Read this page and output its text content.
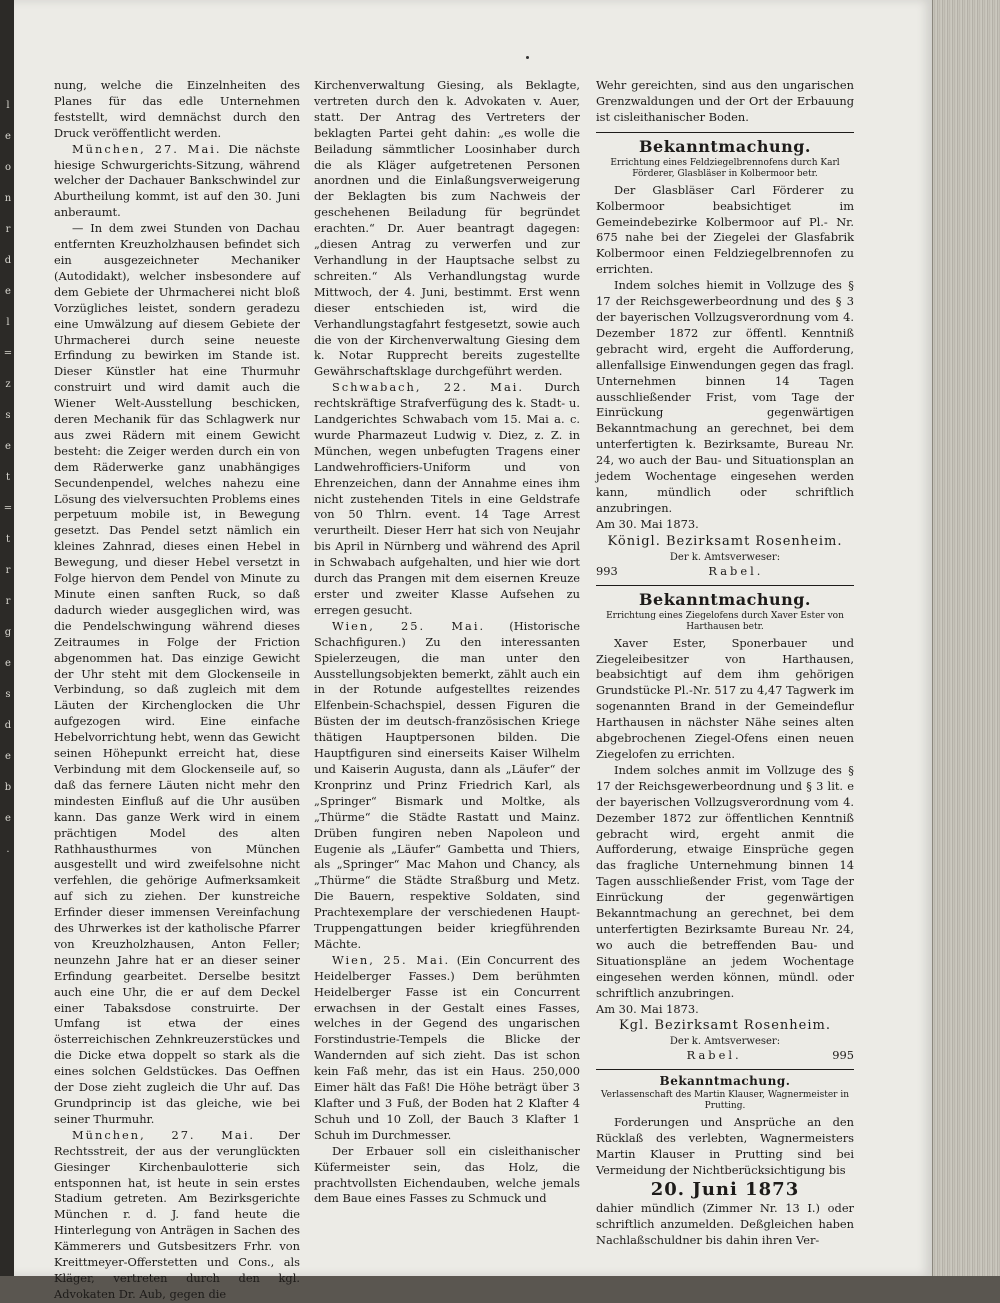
l
e
o
n
r
d
e
l
=
z
s
e
t
=
t
r
r
g
e
s
d
e
b
e
.

nung, welche die Einzelnheiten des Planes für das edle Unternehmen feststellt, wird demnächst durch den Druck veröffentlicht werden.

München, 27. Mai. Die nächste hiesige Schwurgerichts-Sitzung, während welcher der Dachauer Bankschwindel zur Aburtheilung kommt, ist auf den 30. Juni anberaumt.

— In dem zwei Stunden von Dachau entfernten Kreuzholzhausen befindet sich ein ausgezeichneter Mechaniker (Autodidakt), welcher insbesondere auf dem Gebiete der Uhrmacherei nicht bloß Vorzügliches leistet, sondern geradezu eine Umwälzung auf diesem Gebiete der Uhrmacherei durch seine neueste Erfindung zu bewirken im Stande ist. Dieser Künstler hat eine Thurmuhr construirt und wird damit auch die Wiener Welt-Ausstellung beschicken, deren Mechanik für das Schlagwerk nur aus zwei Rädern mit einem Gewicht besteht: die Zeiger werden durch ein von dem Räderwerke ganz unabhängiges Secundenpendel, welches nahezu eine Lösung des vielversuchten Problems eines perpetuum mobile ist, in Bewegung gesetzt. Das Pendel setzt nämlich ein kleines Zahnrad, dieses einen Hebel in Bewegung, und dieser Hebel versetzt in Folge hiervon dem Pendel von Minute zu Minute einen sanften Ruck, so daß dadurch wieder ausgeglichen wird, was die Pendelschwingung während dieses Zeitraumes in Folge der Friction abgenommen hat. Das einzige Gewicht der Uhr steht mit dem Glockenseile in Verbindung, so daß zugleich mit dem Läuten der Kirchenglocken die Uhr aufgezogen wird. Eine einfache Hebelvorrichtung hebt, wenn das Gewicht seinen Höhepunkt erreicht hat, diese Verbindung mit dem Glockenseile auf, so daß das fernere Läuten nicht mehr den mindesten Einfluß auf die Uhr ausüben kann. Das ganze Werk wird in einem prächtigen Model des alten Rathhausthurmes von München ausgestellt und wird zweifelsohne nicht verfehlen, die gehörige Aufmerksamkeit auf sich zu ziehen. Der kunstreiche Erfinder dieser immensen Vereinfachung des Uhrwerkes ist der katholische Pfarrer von Kreuzholzhausen, Anton Feller; neunzehn Jahre hat er an dieser seiner Erfindung gearbeitet. Derselbe besitzt auch eine Uhr, die er auf dem Deckel einer Tabaksdose construirte. Der Umfang ist etwa der eines österreichischen Zehnkreuzerstückes und die Dicke etwa doppelt so stark als die eines solchen Geldstückes. Das Oeffnen der Dose zieht zugleich die Uhr auf. Das Grundprincip ist das gleiche, wie bei seiner Thurmuhr.

München, 27. Mai. Der Rechtsstreit, der aus der verunglückten Giesinger Kirchenbaulotterie sich entsponnen hat, ist heute in sein erstes Stadium getreten. Am Bezirksgerichte München r. d. J. fand heute die Hinterlegung von Anträgen in Sachen des Kämmerers und Gutsbesitzers Frhr. von Kreittmeyer-Offerstetten und Cons., als Kläger, vertreten durch den kgl. Advokaten Dr. Aub, gegen die

Kirchenverwaltung Giesing, als Beklagte, vertreten durch den k. Advokaten v. Auer, statt. Der Antrag des Vertreters der beklagten Partei geht dahin: „es wolle die Beiladung sämmtlicher Loosinhaber durch die als Kläger aufgetretenen Personen anordnen und die Einlaßungsverweigerung der Beklagten bis zum Nachweis der geschehenen Beiladung für begründet erachten.“ Dr. Auer beantragt dagegen: „diesen Antrag zu verwerfen und zur Verhandlung in der Hauptsache selbst zu schreiten.“ Als Verhandlungstag wurde Mittwoch, der 4. Juni, bestimmt. Erst wenn dieser entschieden ist, wird die Verhandlungstagfahrt festgesetzt, sowie auch die von der Kirchenverwaltung Giesing dem k. Notar Rupprecht bereits zugestellte Gewährschaftsklage durchgeführt werden.

Schwabach, 22. Mai. Durch rechtskräftige Strafverfügung des k. Stadt- u. Landgerichtes Schwabach vom 15. Mai a. c. wurde Pharmazeut Ludwig v. Diez, z. Z. in München, wegen unbefugten Tragens einer Landwehrofficiers-Uniform und von Ehrenzeichen, dann der Annahme eines ihm nicht zustehenden Titels in eine Geldstrafe von 50 Thlrn. event. 14 Tage Arrest verurtheilt. Dieser Herr hat sich von Neujahr bis April in Nürnberg und während des April in Schwabach aufgehalten, und hier wie dort durch das Prangen mit dem eisernen Kreuze erster und zweiter Klasse Aufsehen zu erregen gesucht.

Wien, 25. Mai. (Historische Schachfiguren.) Zu den interessanten Spielerzeugen, die man unter den Ausstellungsobjekten bemerkt, zählt auch ein in der Rotunde aufgestelltes reizendes Elfenbein-Schachspiel, dessen Figuren die Büsten der im deutsch-französischen Kriege thätigen Hauptpersonen bilden. Die Hauptfiguren sind einerseits Kaiser Wilhelm und Kaiserin Augusta, dann als „Läufer“ der Kronprinz und Prinz Friedrich Karl, als „Springer“ Bismark und Moltke, als „Thürme“ die Städte Rastatt und Mainz. Drüben fungiren neben Napoleon und Eugenie als „Läufer“ Gambetta und Thiers, als „Springer“ Mac Mahon und Chancy, als „Thürme“ die Städte Straßburg und Metz. Die Bauern, respektive Soldaten, sind Prachtexemplare der verschiedenen Haupt-Truppengattungen beider kriegführenden Mächte.

Wien, 25. Mai. (Ein Concurrent des Heidelberger Fasses.) Dem berühmten Heidelberger Fasse ist ein Concurrent erwachsen in der Gestalt eines Fasses, welches in der Gegend des ungarischen Forstindustrie-Tempels die Blicke der Wandernden auf sich zieht. Das ist schon kein Faß mehr, das ist ein Haus. 250,000 Eimer hält das Faß! Die Höhe beträgt über 3 Klafter und 3 Fuß, der Boden hat 2 Klafter 4 Schuh und 10 Zoll, der Bauch 3 Klafter 1 Schuh im Durchmesser.

Der Erbauer soll ein cisleithanischer Küfermeister sein, das Holz, die prachtvollsten Eichendauben, welche jemals dem Baue eines Fasses zu Schmuck und

Wehr gereichten, sind aus den ungarischen Grenzwaldungen und der Ort der Erbauung ist cisleithanischer Boden.

Bekanntmachung.
Errichtung eines Feldziegelbrennofens durch Karl Förderer, Glasbläser in Kolbermoor betr.

Der Glasbläser Carl Förderer zu Kolbermoor beabsichtiget im Gemeindebezirke Kolbermoor auf Pl.- Nr. 675 nahe bei der Ziegelei der Glasfabrik Kolbermoor einen Feldziegelbrennofen zu errichten.

Indem solches hiemit in Vollzuge des § 17 der Reichsgewerbeordnung und des § 3 der bayerischen Vollzugsverordnung vom 4. Dezember 1872 zur öffentl. Kenntniß gebracht wird, ergeht die Aufforderung, allenfallsige Einwendungen gegen das fragl. Unternehmen binnen 14 Tagen ausschließender Frist, vom Tage der Einrückung gegenwärtigen Bekanntmachung an gerechnet, bei dem unterfertigten k. Bezirksamte, Bureau Nr. 24, wo auch der Bau- und Situationsplan an jedem Wochentage eingesehen werden kann, mündlich oder schriftlich anzubringen.

Am 30. Mai 1873.

Königl. Bezirksamt Rosenheim.
Der k. Amtsverweser:
993	Rabel.
Bekanntmachung.
Errichtung eines Ziegelofens durch Xaver Ester von Harthausen betr.

Xaver Ester, Sponerbauer und Ziegeleibesitzer von Harthausen, beabsichtigt auf dem ihm gehörigen Grundstücke Pl.-Nr. 517 zu 4,47 Tagwerk im sogenannten Brand in der Gemeindeflur Harthausen in nächster Nähe seines alten abgebrochenen Ziegel-Ofens einen neuen Ziegelofen zu errichten.

Indem solches anmit im Vollzuge des § 17 der Reichsgewerbeordnung und § 3 lit. e der bayerischen Vollzugsverordnung vom 4. Dezember 1872 zur öffentlichen Kenntniß gebracht wird, ergeht anmit die Aufforderung, etwaige Einsprüche gegen das fragliche Unternehmung binnen 14 Tagen ausschließender Frist, vom Tage der Einrückung der gegenwärtigen Bekanntmachung an gerechnet, bei dem unterfertigten Bezirksamte Bureau Nr. 24, wo auch die betreffenden Bau- und Situationspläne an jedem Wochentage eingesehen werden können, mündl. oder schriftlich anzubringen.

Am 30. Mai 1873.

Kgl. Bezirksamt Rosenheim.
Der k. Amtsverweser:
Rabel.	995
Bekanntmachung.
Verlassenschaft des Martin Klauser, Wagnermeister in Prutting.

Forderungen und Ansprüche an den Rücklaß des verlebten, Wagnermeisters Martin Klauser in Prutting sind bei Vermeidung der Nichtberücksichtigung bis

20. Juni 1873

dahier mündlich (Zimmer Nr. 13 I.) oder schriftlich anzumelden. Deßgleichen haben Nachlaßschuldner bis dahin ihren Ver-
